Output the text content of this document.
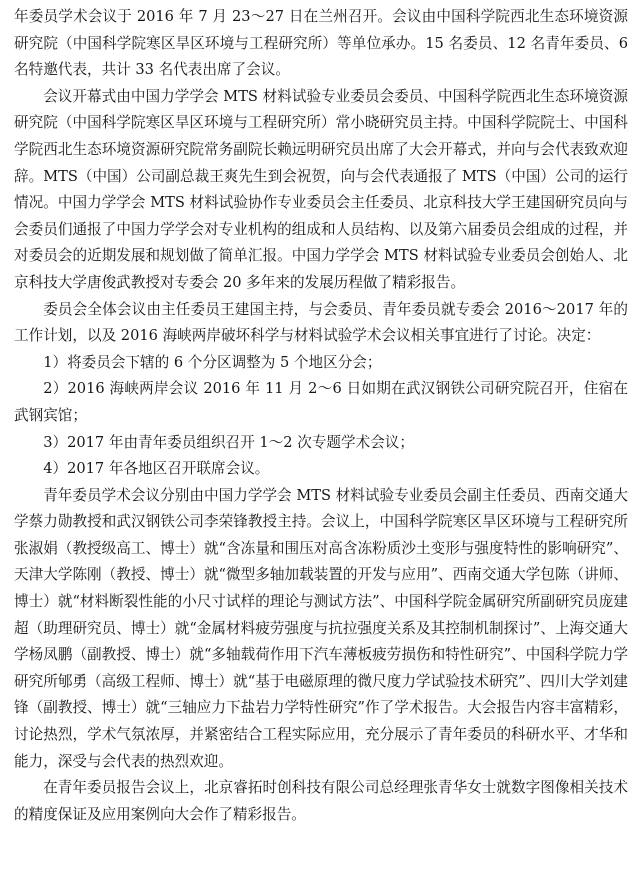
年委员学术会议于 2016 年 7 月 23～27 日在兰州召开。会议由中国科学院西北生态环境资源研究院（中国科学院寒区旱区环境与工程研究所）等单位承办。15 名委员、12 名青年委员、6 名特邀代表，共计 33 名代表出席了会议。

会议开幕式由中国力学学会 MTS 材料试验专业委员会委员、中国科学院西北生态环境资源研究院（中国科学院寒区旱区环境与工程研究所）常小晓研究员主持。中国科学院院士、中国科学院西北生态环境资源研究院常务副院长赖远明研究员出席了大会开幕式，并向与会代表致欢迎辞。MTS（中国）公司副总裁王爽先生到会祝贺，向与会代表通报了 MTS（中国）公司的运行情况。中国力学学会 MTS 材料试验协作专业委员会主任委员、北京科技大学王建国研究员向与会委员们通报了中国力学学会对专业机构的组成和人员结构、以及第六届委员会组成的过程，并对委员会的近期发展和规划做了简单汇报。中国力学学会 MTS 材料试验专业委员会创始人、北京科技大学唐俊武教授对专委会 20 多年来的发展历程做了精彩报告。

委员会全体会议由主任委员王建国主持，与会委员、青年委员就专委会 2016～2017 年的工作计划，以及 2016 海峡两岸破坏科学与材料试验学术会议相关事宜进行了讨论。决定：

1）将委员会下辖的 6 个分区调整为 5 个地区分会；

2）2016 海峡两岸会议 2016 年 11 月 2～6 日如期在武汉钢铁公司研究院召开，住宿在武钢宾馆；

3）2017 年由青年委员组织召开 1～2 次专题学术会议；

4）2017 年各地区召开联席会议。

青年委员学术会议分别由中国力学学会 MTS 材料试验专业委员会副主任委员、西南交通大学蔡力勋教授和武汉钢铁公司李荣锋教授主持。会议上，中国科学院寒区旱区环境与工程研究所张淑娟（教授级高工、博士）就“含冻量和围压对高含冻粉质沙土变形与强度特性的影响研究”、天津大学陈刚（教授、博士）就“微型多轴加载装置的开发与应用”、西南交通大学包陈（讲师、博士）就“材料断裂性能的小尺寸试样的理论与测试方法”、中国科学院金属研究所副研究员庞建超（助理研究员、博士）就“金属材料疲劳强度与抗拉强度关系及其控制机制探讨”、上海交通大学杨凤鹏（副教授、博士）就“多轴载荷作用下汽车薄板疲劳损伤和特性研究”、中国科学院力学研究所郇勇（高级工程师、博士）就“基于电磁原理的微尺度力学试验技术研究”、四川大学刘建锋（副教授、博士）就“三轴应力下盐岩力学特性研究”作了学术报告。大会报告内容丰富精彩，讨论热烈，学术气氛浓厚，并紧密结合工程实际应用，充分展示了青年委员的科研水平、才华和能力，深受与会代表的热烈欢迎。

在青年委员报告会议上，北京睿拓时创科技有限公司总经理张青华女士就数字图像相关技术的精度保证及应用案例向大会作了精彩报告。
